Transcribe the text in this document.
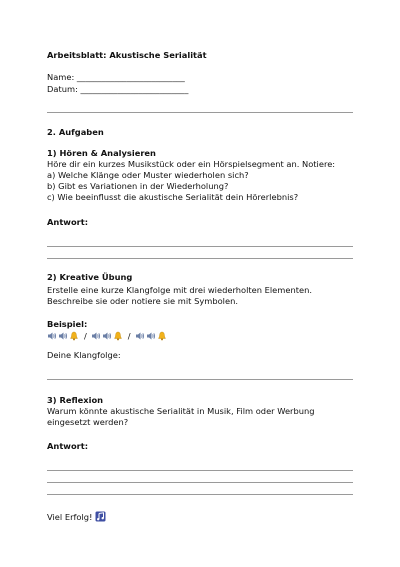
Arbeitsblatt: Akustische Serialität
Name: __________________________
Datum: __________________________
2. Aufgaben
1) Hören & Analysieren
Höre dir ein kurzes Musikstück oder ein Hörspielsegment an. Notiere:
a) Welche Klänge oder Muster wiederholen sich?
b) Gibt es Variationen in der Wiederholung?
c) Wie beeinflusst die akustische Serialität dein Hörerlebnis?
Antwort:
2) Kreative Übung
Erstelle eine kurze Klangfolge mit drei wiederholten Elementen.
Beschreibe sie oder notiere sie mit Symbolen.
Beispiel:
/	/
Deine Klangfolge:
3) Reflexion
Warum könnte akustische Serialität in Musik, Film oder Werbung
eingesetzt werden?
Antwort:
Viel Erfolg!
